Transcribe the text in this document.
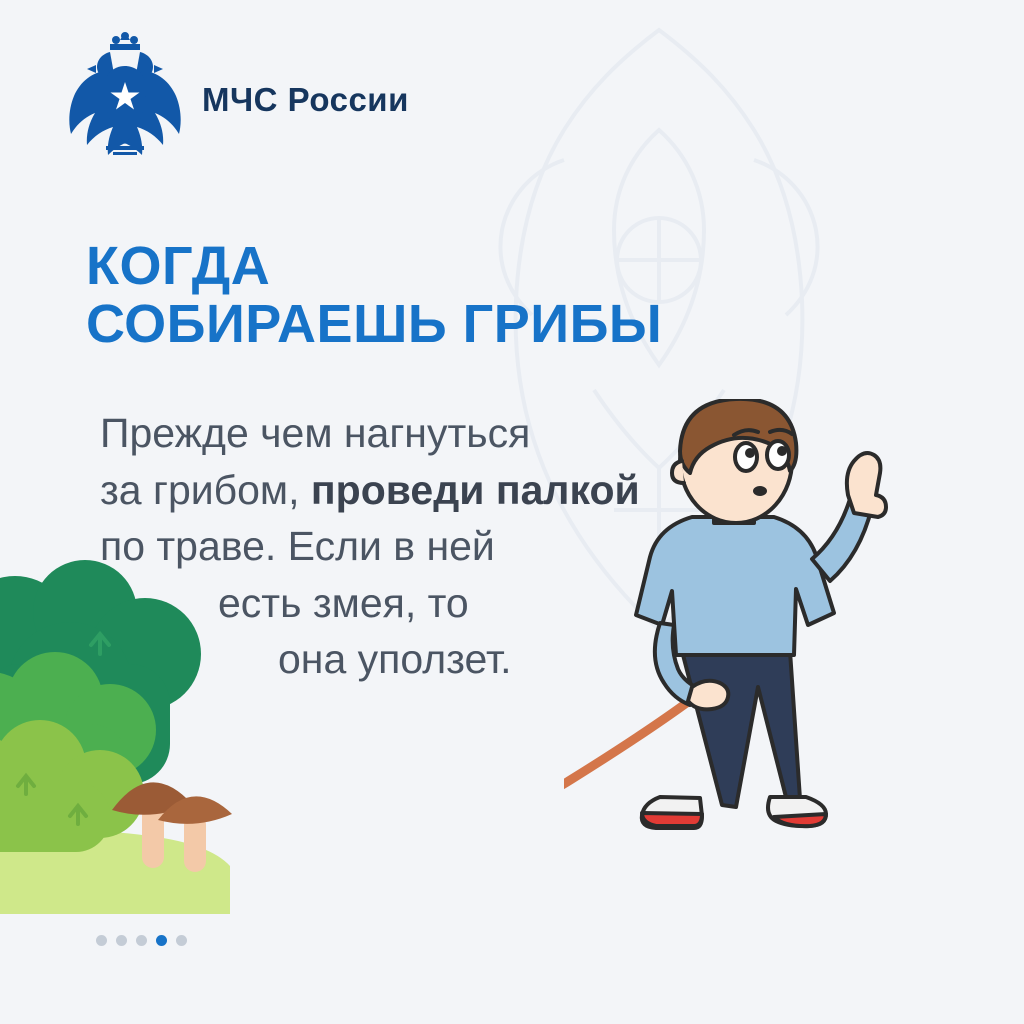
МЧС России
КОГДА
СОБИРАЕШЬ ГРИБЫ
Прежде чем нагнуться
за грибом, проведи палкой
по траве. Если в ней
есть змея, то
она уползет.
